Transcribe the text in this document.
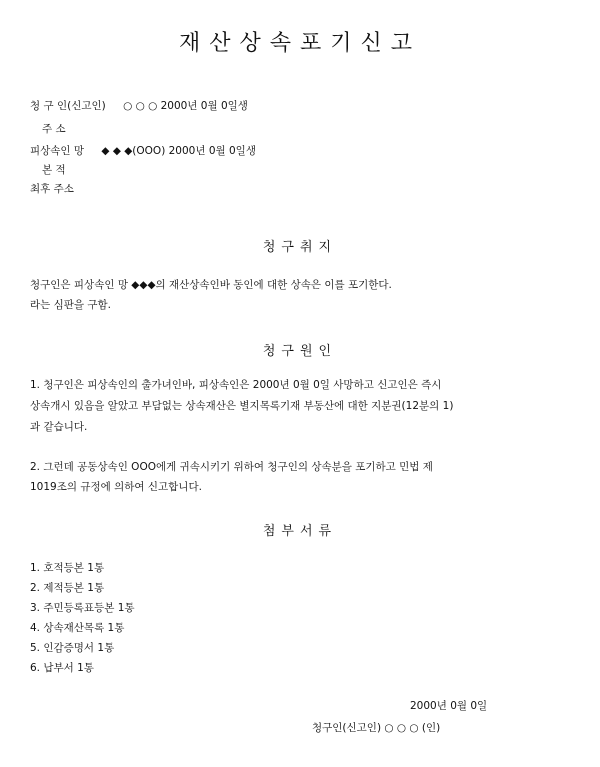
재산상속포기신고
청 구 인(신고인) ○ ○ ○ 2000년 0월 0일생
주 소
피상속인 망 ◆ ◆ ◆(OOO) 2000년 0월 0일생
본 적
최후 주소
청구취지
청구인은 피상속인 망 ◆◆◆의 재산상속인바 동인에 대한 상속은 이를 포기한다.
라는 심판을 구함.
청구원인
1. 청구인은 피상속인의 출가녀인바, 피상속인은 2000년 0월 0일 사망하고 신고인은 즉시
상속개시 있음을 알았고 부담없는 상속재산은 별지목록기재 부동산에 대한 지분권(12분의 1)
과 같습니다.
2. 그런데 공동상속인 OOO에게 귀속시키기 위하여 청구인의 상속분을 포기하고 민법 제
1019조의 규정에 의하여 신고합니다.
첨부서류
1. 호적등본 1통
2. 제적등본 1통
3. 주민등록표등본 1통
4. 상속재산목록 1통
5. 인감증명서 1통
6. 납부서 1통
2000년 0월 0일
청구인(신고인) ○ ○ ○ (인)
